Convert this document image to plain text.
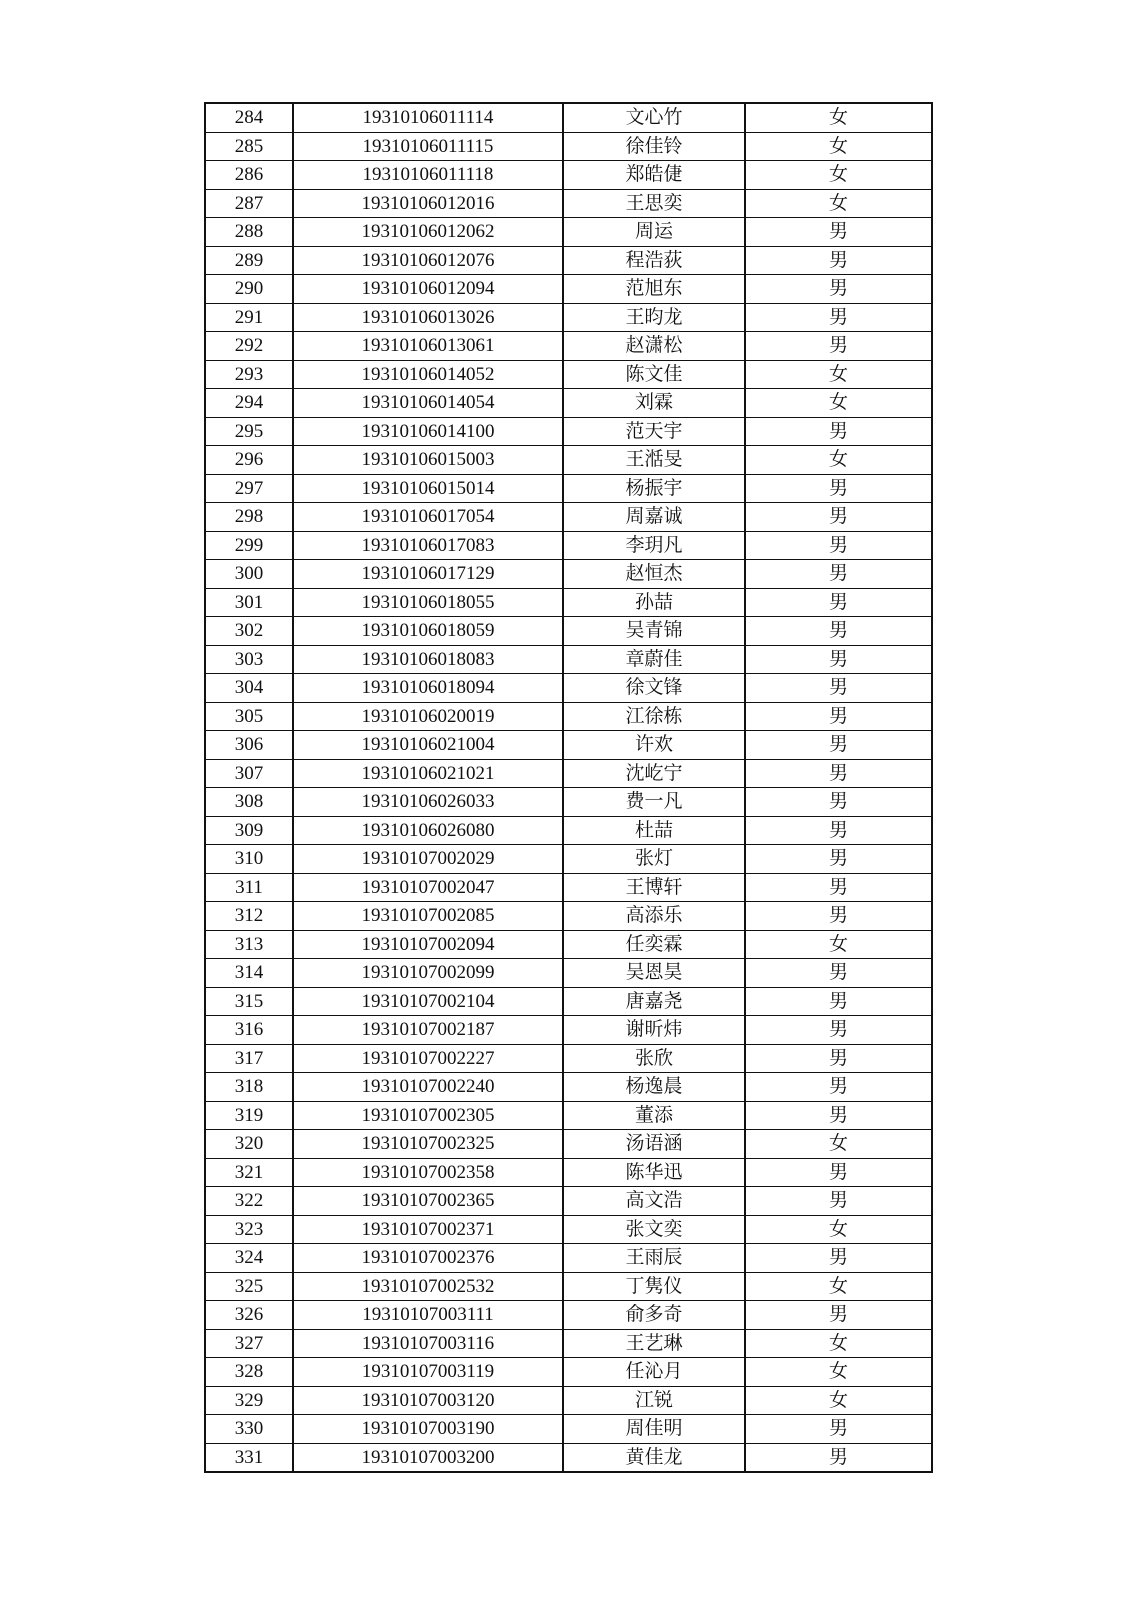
284	19310106011114	文心竹	女
285	19310106011115	徐佳铃	女
286	19310106011118	郑皓倢	女
287	19310106012016	王思奕	女
288	19310106012062	周运	男
289	19310106012076	程浩荻	男
290	19310106012094	范旭东	男
291	19310106013026	王昀龙	男
292	19310106013061	赵潇松	男
293	19310106014052	陈文佳	女
294	19310106014054	刘霖	女
295	19310106014100	范天宇	男
296	19310106015003	王湉旻	女
297	19310106015014	杨振宇	男
298	19310106017054	周嘉诚	男
299	19310106017083	李玥凡	男
300	19310106017129	赵恒杰	男
301	19310106018055	孙喆	男
302	19310106018059	吴青锦	男
303	19310106018083	章蔚佳	男
304	19310106018094	徐文锋	男
305	19310106020019	江徐栋	男
306	19310106021004	许欢	男
307	19310106021021	沈屹宁	男
308	19310106026033	费一凡	男
309	19310106026080	杜喆	男
310	19310107002029	张灯	男
311	19310107002047	王博轩	男
312	19310107002085	高添乐	男
313	19310107002094	任奕霖	女
314	19310107002099	吴恩昊	男
315	19310107002104	唐嘉尧	男
316	19310107002187	谢昕炜	男
317	19310107002227	张欣	男
318	19310107002240	杨逸晨	男
319	19310107002305	董添	男
320	19310107002325	汤语涵	女
321	19310107002358	陈华迅	男
322	19310107002365	高文浩	男
323	19310107002371	张文奕	女
324	19310107002376	王雨辰	男
325	19310107002532	丁隽仪	女
326	19310107003111	俞多奇	男
327	19310107003116	王艺琳	女
328	19310107003119	任沁月	女
329	19310107003120	江锐	女
330	19310107003190	周佳明	男
331	19310107003200	黄佳龙	男
